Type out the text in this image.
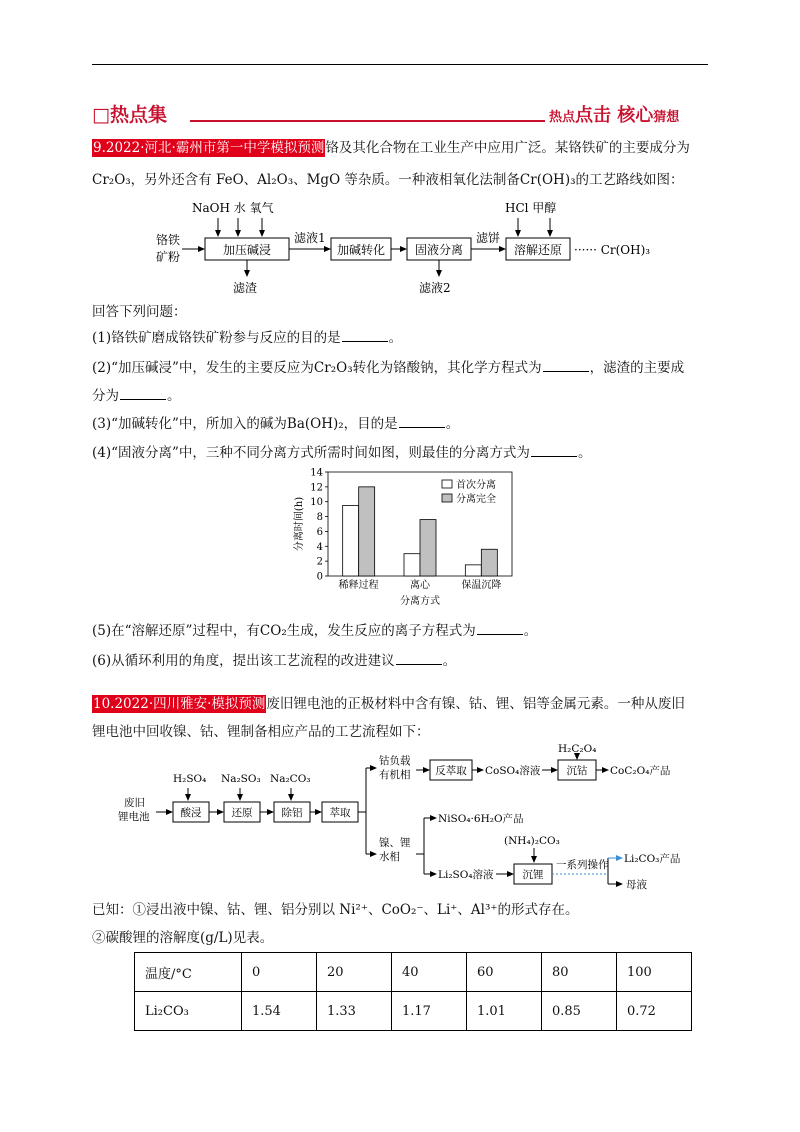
□热点集	热点点击 核心猜想
9.2022·河北·霸州市第一中学模拟预测铬及其化合物在工业生产中应用广泛。某铬铁矿的主要成分为
Cr₂O₃，另外还含有 FeO、Al₂O₃、MgO 等杂质。一种液相氧化法制备Cr(OH)₃的工艺路线如图：
NaOH 水 氧气
铬铁
矿粉	加压碱浸
滤液1
加碱转化 固液分离
滤饼
HCl 甲醇
溶解还原 ······ Cr(OH)₃
滤渣	滤液2
回答下列问题：
(1)铬铁矿磨成铬铁矿粉参与反应的目的是	。
(2)“加压碱浸”中，发生的主要反应为Cr₂O₃转化为铬酸钠，其化学方程式为	，滤渣的主要成
分为	。
(3)“加碱转化”中，所加入的碱为Ba(OH)₂，目的是	。
(4)“固液分离”中，三种不同分离方式所需时间如图，则最佳的分离方式为	。
0
2
4
6
8
10
12
14
分离时间(h)
稀释过程	离心	保温沉降
分离方式
首次分离
分离完全
(5)在“溶解还原”过程中，有CO₂生成，发生反应的离子方程式为	。
(6)从循环利用的角度，提出该工艺流程的改进建议	。
10.2022·四川雅安·模拟预测废旧锂电池的正极材料中含有镍、钴、锂、铝等金属元素。一种从废旧
锂电池中回收镍、钴、锂制备相应产品的工艺流程如下：
废旧
锂电池
H₂SO₄
酸浸
Na₂SO₃
还原
Na₂CO₃
除铝	萃取
钴负载
有机相 反萃取 CoSO₄溶液
H₂C₂O₄
沉钴 CoC₂O₄产品
镍、锂
水相
NiSO₄·6H₂O产品
Li₂SO₄溶液
(NH₄)₂CO₃
沉锂
一系列操作 Li₂CO₃产品
母液
已知：①浸出液中镍、钴、锂、铝分别以 Ni²⁺、CoO₂⁻、Li⁺、Al³⁺的形式存在。
②碳酸锂的溶解度(g/L)见表。
温度/°C	0	20	40	60	80	100
Li₂CO₃	1.54	1.33	1.17	1.01	0.85	0.72
